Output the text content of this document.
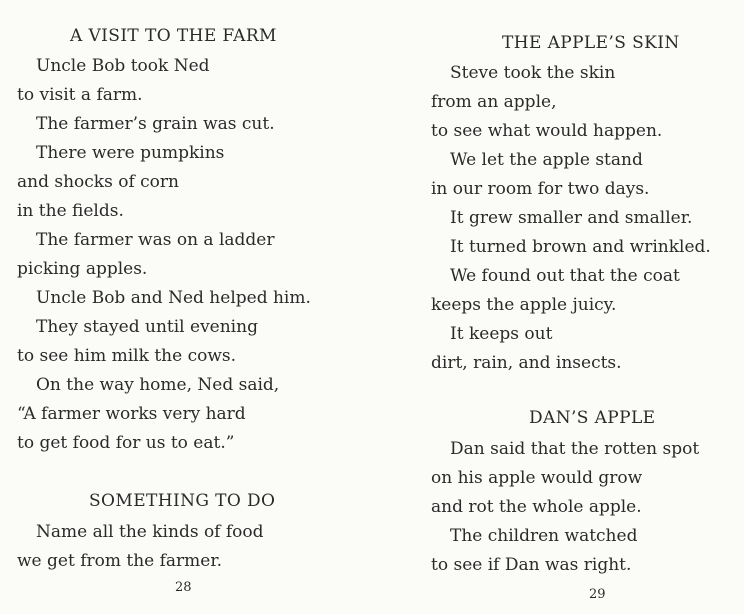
A VISIT TO THE FARM
Uncle Bob took Ned
to visit a farm.
The farmer’s grain was cut.
There were pumpkins
and shocks of corn
in the fields.
The farmer was on a ladder
picking apples.
Uncle Bob and Ned helped him.
They stayed until evening
to see him milk the cows.
On the way home, Ned said,
“A farmer works very hard
to get food for us to eat.”
SOMETHING TO DO
Name all the kinds of food
we get from the farmer.
28
THE APPLE’S SKIN
Steve took the skin
from an apple,
to see what would happen.
We let the apple stand
in our room for two days.
It grew smaller and smaller.
It turned brown and wrinkled.
We found out that the coat
keeps the apple juicy.
It keeps out
dirt, rain, and insects.
DAN’S APPLE
Dan said that the rotten spot
on his apple would grow
and rot the whole apple.
The children watched
to see if Dan was right.
29
